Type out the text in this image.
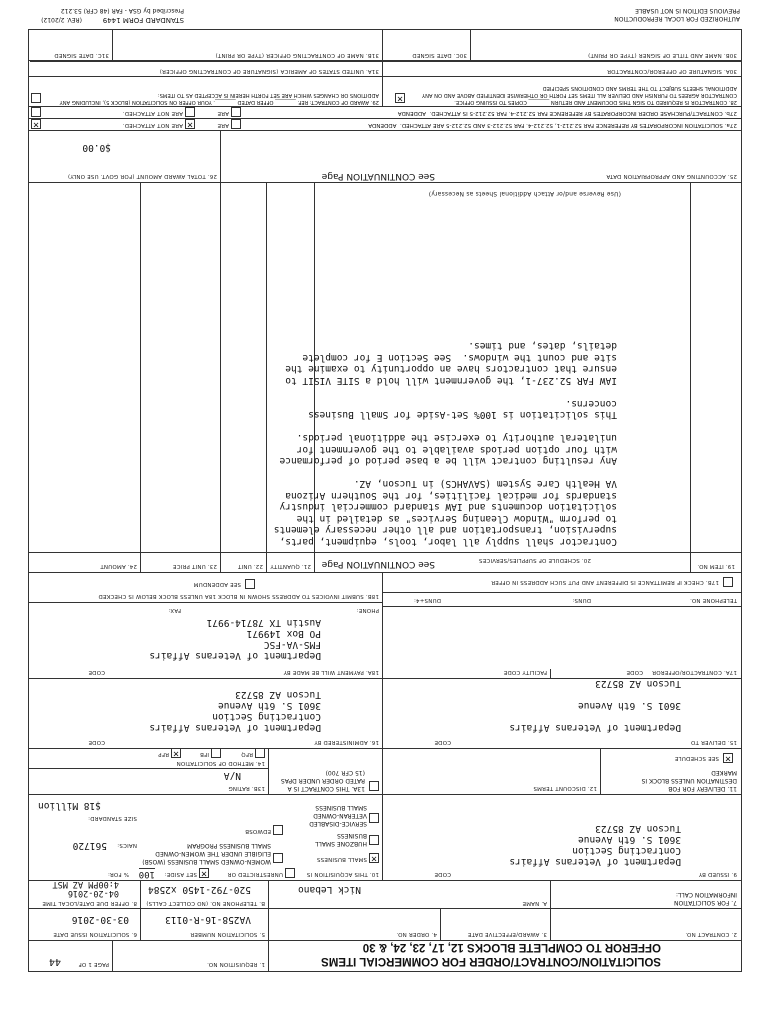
SOLICITATION/CONTRACT/ORDER FOR COMMERCIAL ITEMS
OFFEROR TO COMPLETE BLOCKS 12, 17, 23, 24, & 30
1. REQUISITION NO.
PAGE 1 OF
44
2. CONTRACT NO.
3. AWARD/EFFECTIVE DATE
4. ORDER NO.
5. SOLICITATION NUMBER
VA258-16-R-0113
6. SOLICITATION ISSUE DATE
03-30-2016
7. FOR SOLICITATION INFORMATION CALL:
A. NAME
Nick Lebano
B. TELEPHONE NO. (NO COLLECT CALLS)
520-792-1450 x2584
8. OFFER DUE DATE/LOCAL TIME
04-20-2016
4:00PM AZ MST
9. ISSUED BY
CODE
Department of Veterans Affairs
Contracting Section
3601 S. 6th Avenue
Tucson AZ 85723
10. THIS ACQUISITION IS
UNRESTRICTED OR
✕
SET ASIDE:
100
% FOR:
✕
SMALL BUSINESS
HUBZONE SMALL BUSINESS
SERVICE-DISABLED VETERAN-OWNED SMALL BUSINESS
WOMEN-OWNED SMALL BUSINESS (WOSB) ELIGIBLE UNDER THE WOMEN-OWNED SMALL BUSINESS PROGRAM
EDWOSB
NAICS:
561720
SIZE STANDARD:
$18 Million
11. DELIVERY FOR FOB DESTINATION UNLESS BLOCK IS MARKED
✕
SEE SCHEDULE
12. DISCOUNT TERMS
13A. THIS CONTRACT IS A RATED ORDER UNDER DPAS (15 CFR 700)
13B. RATING
N/A
14. METHOD OF SOLICITATION
RFQ
IFB
✕
RFP
15. DELIVER TO
CODE
Department of Veterans Affairs
3601 S. 6th Avenue
Tucson AZ 85723
16. ADMINISTERED BY
CODE
Department of Veterans Affairs
Contracting Section
3601 S. 6th Avenue
Tucson AZ 85723
17A. CONTRACTOR/OFFEROR
CODE
FACILITY CODE
TELEPHONE NO.
DUNS:
DUNS+4:
17B. CHECK IF REMITTANCE IS DIFFERENT AND PUT SUCH ADDRESS IN OFFER
18A. PAYMENT WILL BE MADE BY
CODE
Department of Veterans Affairs
FMS-VA-FSC
PO Box 149971
Austin TX 78714-9971
PHONE:
FAX:
18B. SUBMIT INVOICES TO ADDRESS SHOWN IN BLOCK 18A UNLESS BLOCK BELOW IS CHECKED
SEE ADDENDUM
19. ITEM NO.
20. SCHEDULE OF SUPPLIES/SERVICES
See CONTINUATION Page
21. QUANTITY
22. UNIT
23. UNIT PRICE
24. AMOUNT
Contractor shall supply all labor, tools, equipment, parts,
supervision, transportation and all other necessary elements
to perform "Window Cleaning Services" as detailed in the
solicitation documents and IAW standard commercial industry
standards for medical facilities, for the Southern Arizona
VA Health Care System (SAVAHCS) in Tucson, AZ.
Any resulting contract will be a base period of performance
with four option periods available to the government for
unilateral authority to exercise the additional periods.
This solicitation is 100% Set-Aside for Small Business
concerns.
IAW FAR 52.237-1, the government will hold a SITE VISIT to
ensure that contractors have an opportunity to examine the
site and count the windows.  See Section E for complete
details, dates, and times.
(Use Reverse and/or Attach Additional Sheets as Necessary)
25. ACCOUNTING AND APPROPRIATION DATA
See CONTINUATION Page
26. TOTAL AWARD AMOUNT (FOR GOVT. USE ONLY)
$0.00
27a. SOLICITATION INCORPORATES BY REFERENCE FAR 52.212-1, 52.212-4. FAR 52.212-3 AND 52.212-5 ARE ATTACHED.  ADDENDA
ARE
✕
ARE NOT ATTACHED.
✕
27b. CONTRACT/PURCHASE ORDER INCORPORATES BY REFERENCE FAR 52.212-4. FAR 52.212-5 IS ATTACHED.  ADDENDA
ARE
ARE NOT ATTACHED.
28. CONTRACTOR IS REQUIRED TO SIGN THIS DOCUMENT AND RETURN ________ COPIES TO ISSUING OFFICE. CONTRACTOR AGREES TO FURNISH AND DELIVER ALL ITEMS SET FORTH OR OTHERWISE IDENTIFIED ABOVE AND ON ANY ADDITIONAL SHEETS SUBJECT TO THE TERMS AND CONDITIONS SPECIFIED
✕
29. AWARD OF CONTRACT: REF. ________ OFFER DATED ________. YOUR OFFER ON SOLICITATION (BLOCK 5), INCLUDING ANY ADDITIONS OR CHANGES WHICH ARE SET FORTH HEREIN IS ACCEPTED AS TO ITEMS:
30A. SIGNATURE OF OFFEROR/CONTRACTOR
31A. UNITED STATES OF AMERICA (SIGNATURE OF CONTRACTING OFFICER)
30B. NAME AND TITLE OF SIGNER (TYPE OR PRINT)
30C. DATE SIGNED
31B. NAME OF CONTRACTING OFFICER (TYPE OR PRINT)
31C. DATE SIGNED
AUTHORIZED FOR LOCAL REPRODUCTION
PREVIOUS EDITION IS NOT USABLE
STANDARD FORM 1449
(REV. 2/2012)
Prescribed by GSA - FAR (48 CFR) 53.212
